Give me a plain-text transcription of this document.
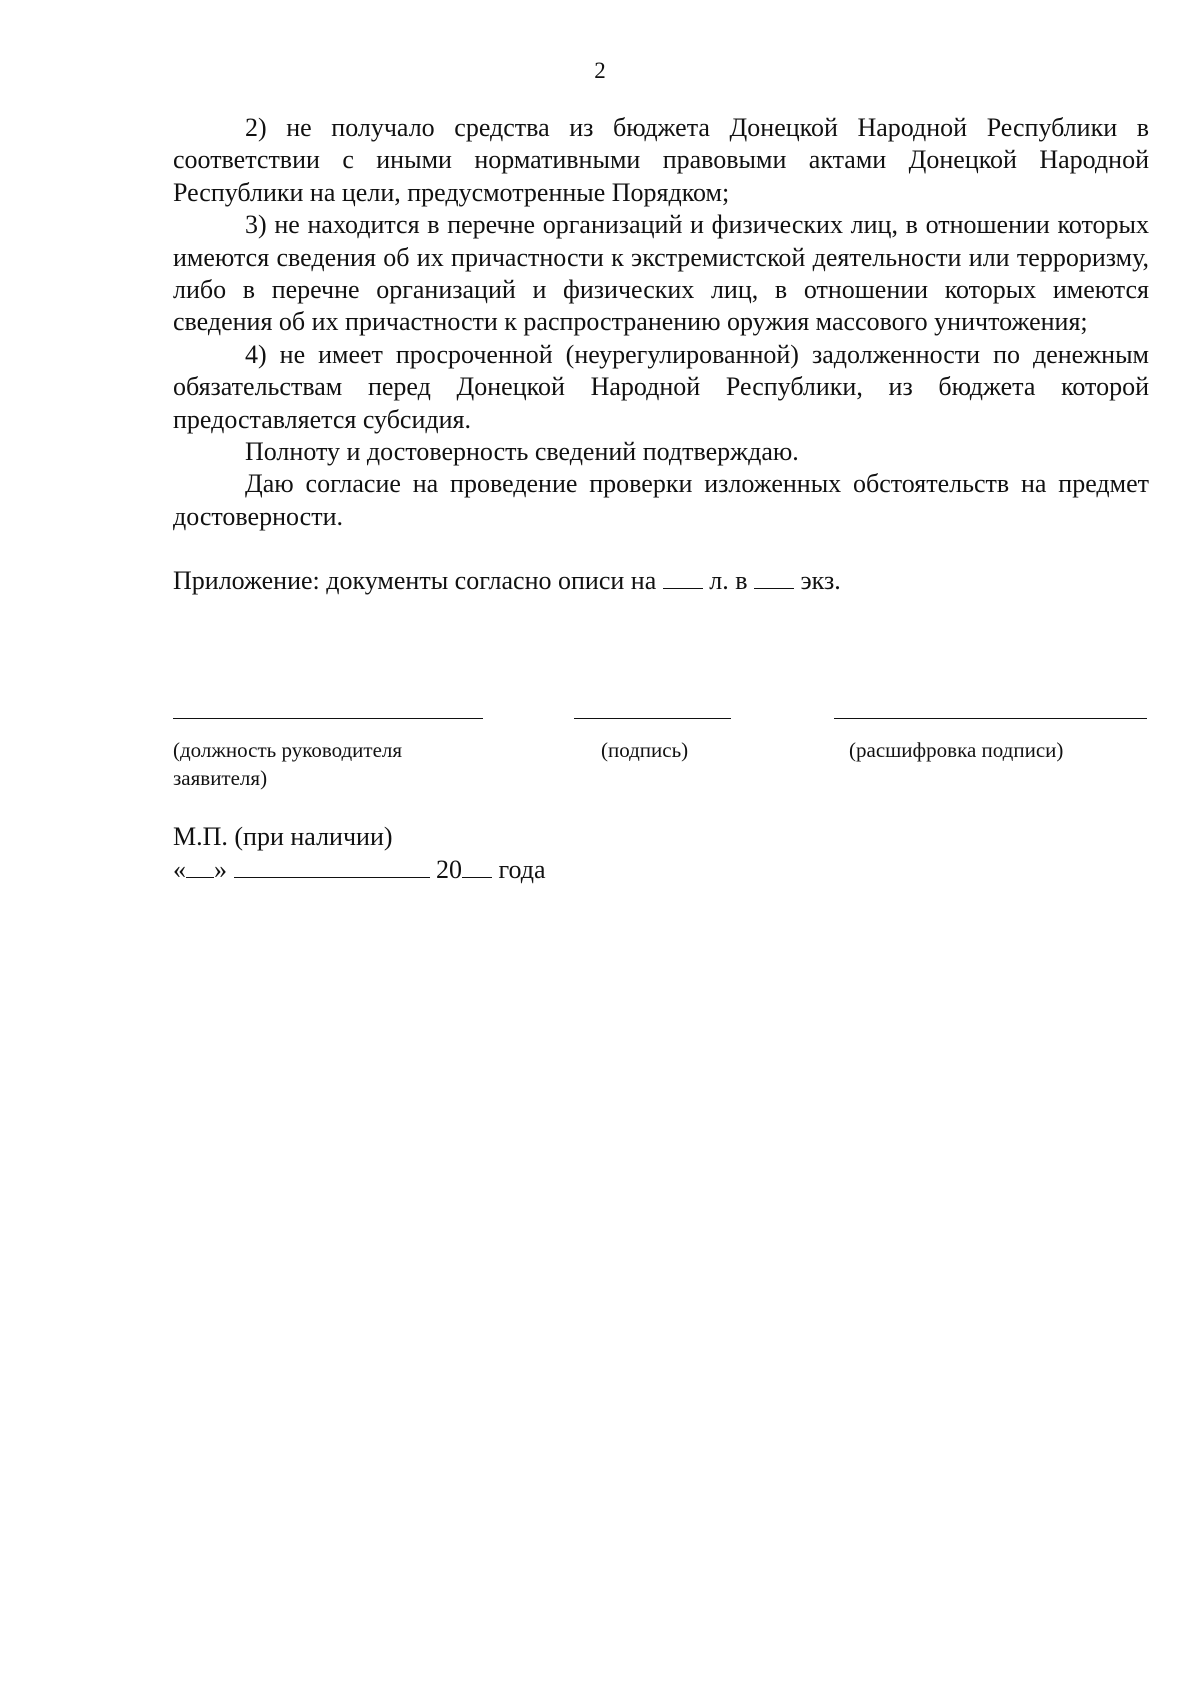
2

2) не получало средства из бюджета Донецкой Народной Республики в соответствии с иными нормативными правовыми актами Донецкой Народной Республики на цели, предусмотренные Порядком;

3) не находится в перечне организаций и физических лиц, в отношении которых имеются сведения об их причастности к экстремистской деятельности или терроризму, либо в перечне организаций и физических лиц, в отношении которых имеются сведения об их причастности к распространению оружия массового уничтожения;

4) не имеет просроченной (неурегулированной) задолженности по денежным обязательствам перед Донецкой Народной Республики, из бюджета которой предоставляется субсидия.

Полноту и достоверность сведений подтверждаю.

Даю согласие на проведение проверки изложенных обстоятельств на предмет достоверности.

Приложение: документы согласно описи на л. в экз.

(должность руководителя заявителя)
(подпись)	(расшифровка подписи)
М.П. (при наличии)
« »	20 года
